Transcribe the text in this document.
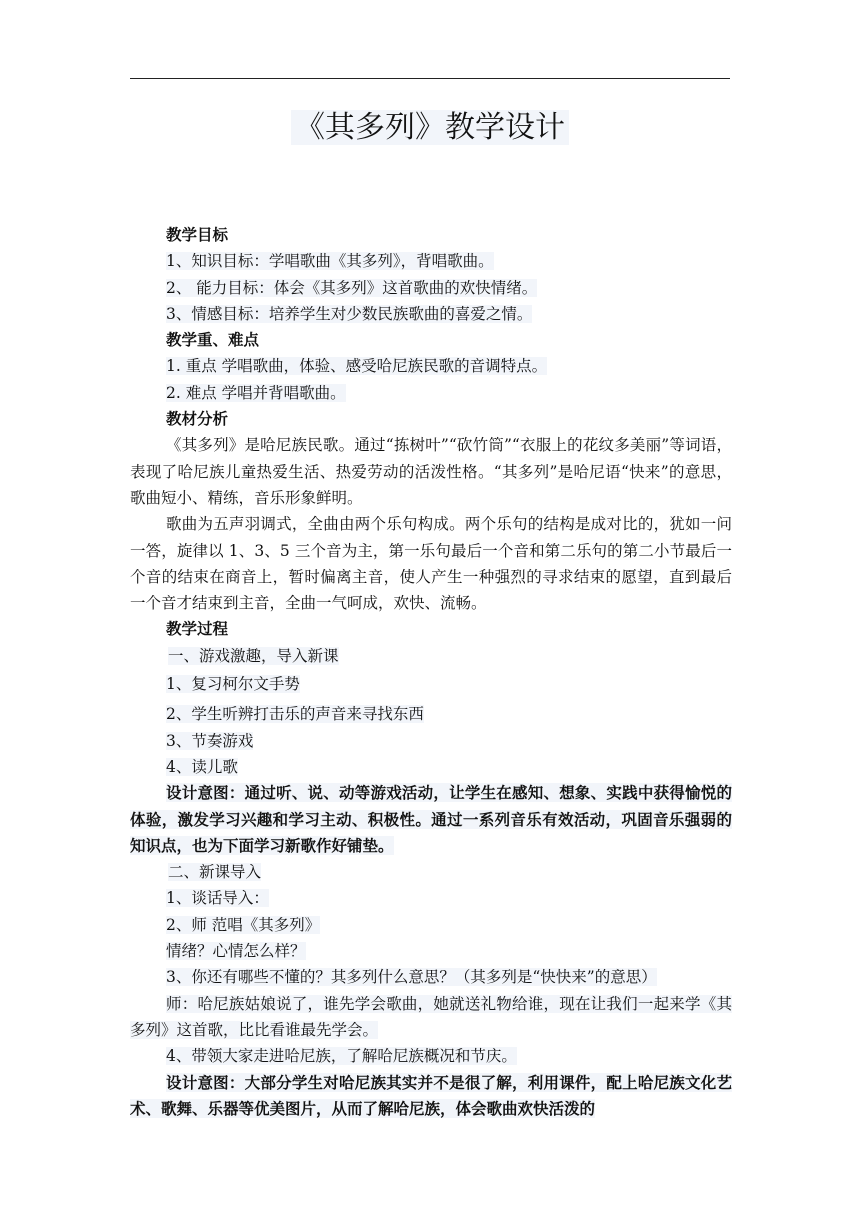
《其多列》教学设计

教学目标

1、知识目标：学唱歌曲《其多列》，背唱歌曲。

2、 能力目标：体会《其多列》这首歌曲的欢快情绪。

3、情感目标：培养学生对少数民族歌曲的喜爱之情。

教学重、难点

1. 重点 学唱歌曲，体验、感受哈尼族民歌的音调特点。

2. 难点 学唱并背唱歌曲。

教材分析

《其多列》是哈尼族民歌。通过“拣树叶”“砍竹筒”“衣服上的花纹多美丽”等词语，表现了哈尼族儿童热爱生活、热爱劳动的活泼性格。“其多列”是哈尼语“快来”的意思，歌曲短小、精练，音乐形象鲜明。

歌曲为五声羽调式，全曲由两个乐句构成。两个乐句的结构是成对比的，犹如一问一答，旋律以 1、3、5 三个音为主，第一乐句最后一个音和第二乐句的第二小节最后一个音的结束在商音上，暂时偏离主音，使人产生一种强烈的寻求结束的愿望，直到最后一个音才结束到主音，全曲一气呵成，欢快、流畅。

教学过程

一、游戏激趣，导入新课

1、复习柯尔文手势

2、学生听辨打击乐的声音来寻找东西

3、节奏游戏

4、读儿歌

设计意图：通过听、说、动等游戏活动，让学生在感知、想象、实践中获得愉悦的体验，激发学习兴趣和学习主动、积极性。通过一系列音乐有效活动，巩固音乐强弱的知识点，也为下面学习新歌作好铺垫。

二、新课导入

1、谈话导入：

2、师 范唱《其多列》

情绪？心情怎么样？

3、你还有哪些不懂的？其多列什么意思？（其多列是“快快来”的意思）

师：哈尼族姑娘说了，谁先学会歌曲，她就送礼物给谁，现在让我们一起来学《其多列》这首歌，比比看谁最先学会。

4、带领大家走进哈尼族，了解哈尼族概况和节庆。

设计意图：大部分学生对哈尼族其实并不是很了解，利用课件，配上哈尼族文化艺术、歌舞、乐器等优美图片，从而了解哈尼族，体会歌曲欢快活泼的
